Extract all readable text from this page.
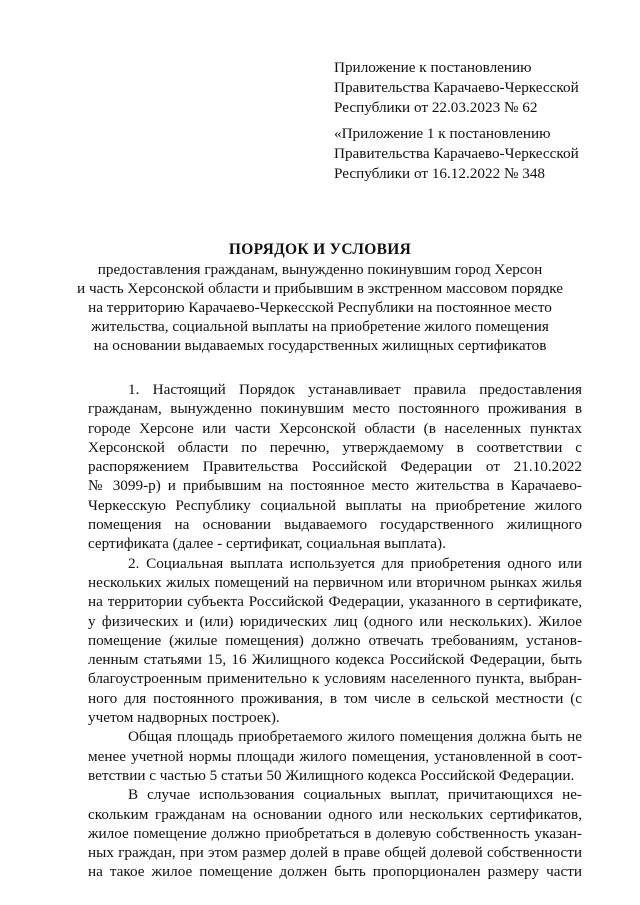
Приложение к постановлению
Правительства Карачаево-Черкесской
Республики от 22.03.2023 № 62
«Приложение 1 к постановлению
Правительства Карачаево-Черкесской
Республики от 16.12.2022 № 348
ПОРЯДОК И УСЛОВИЯ
предоставления гражданам, вынужденно покинувшим город Херсон
и часть Херсонской области и прибывшим в экстренном массовом порядке
на территорию Карачаево-Черкесской Республики на постоянное место
жительства, социальной выплаты на приобретение жилого помещения
на основании выдаваемых государственных жилищных сертификатов
1. Настоящий Порядок устанавливает правила предоставления
гражданам, вынужденно покинувшим место постоянного проживания в
городе Херсоне или части Херсонской области (в населенных пунктах
Херсонской области по перечню, утверждаемому в соответствии с
распоряжением Правительства Российской Федерации от 21.10.2022
№ 3099-р) и прибывшим на постоянное место жительства в Карачаево-
Черкесскую Республику социальной выплаты на приобретение жилого
помещения на основании выдаваемого государственного жилищного
сертификата (далее - сертификат, социальная выплата).
2. Социальная выплата используется для приобретения одного или
нескольких жилых помещений на первичном или вторичном рынках жилья
на территории субъекта Российской Федерации, указанного в сертификате,
у физических и (или) юридических лиц (одного или нескольких). Жилое
помещение (жилые помещения) должно отвечать требованиям, установ-
ленным статьями 15, 16 Жилищного кодекса Российской Федерации, быть
благоустроенным применительно к условиям населенного пункта, выбран-
ного для постоянного проживания, в том числе в сельской местности (с
учетом надворных построек).
Общая площадь приобретаемого жилого помещения должна быть не
менее учетной нормы площади жилого помещения, установленной в соот-
ветствии с частью 5 статьи 50 Жилищного кодекса Российской Федерации.
В случае использования социальных выплат, причитающихся не-
скольким гражданам на основании одного или нескольких сертификатов,
жилое помещение должно приобретаться в долевую собственность указан-
ных граждан, при этом размер долей в праве общей долевой собственности
на такое жилое помещение должен быть пропорционален размеру части
